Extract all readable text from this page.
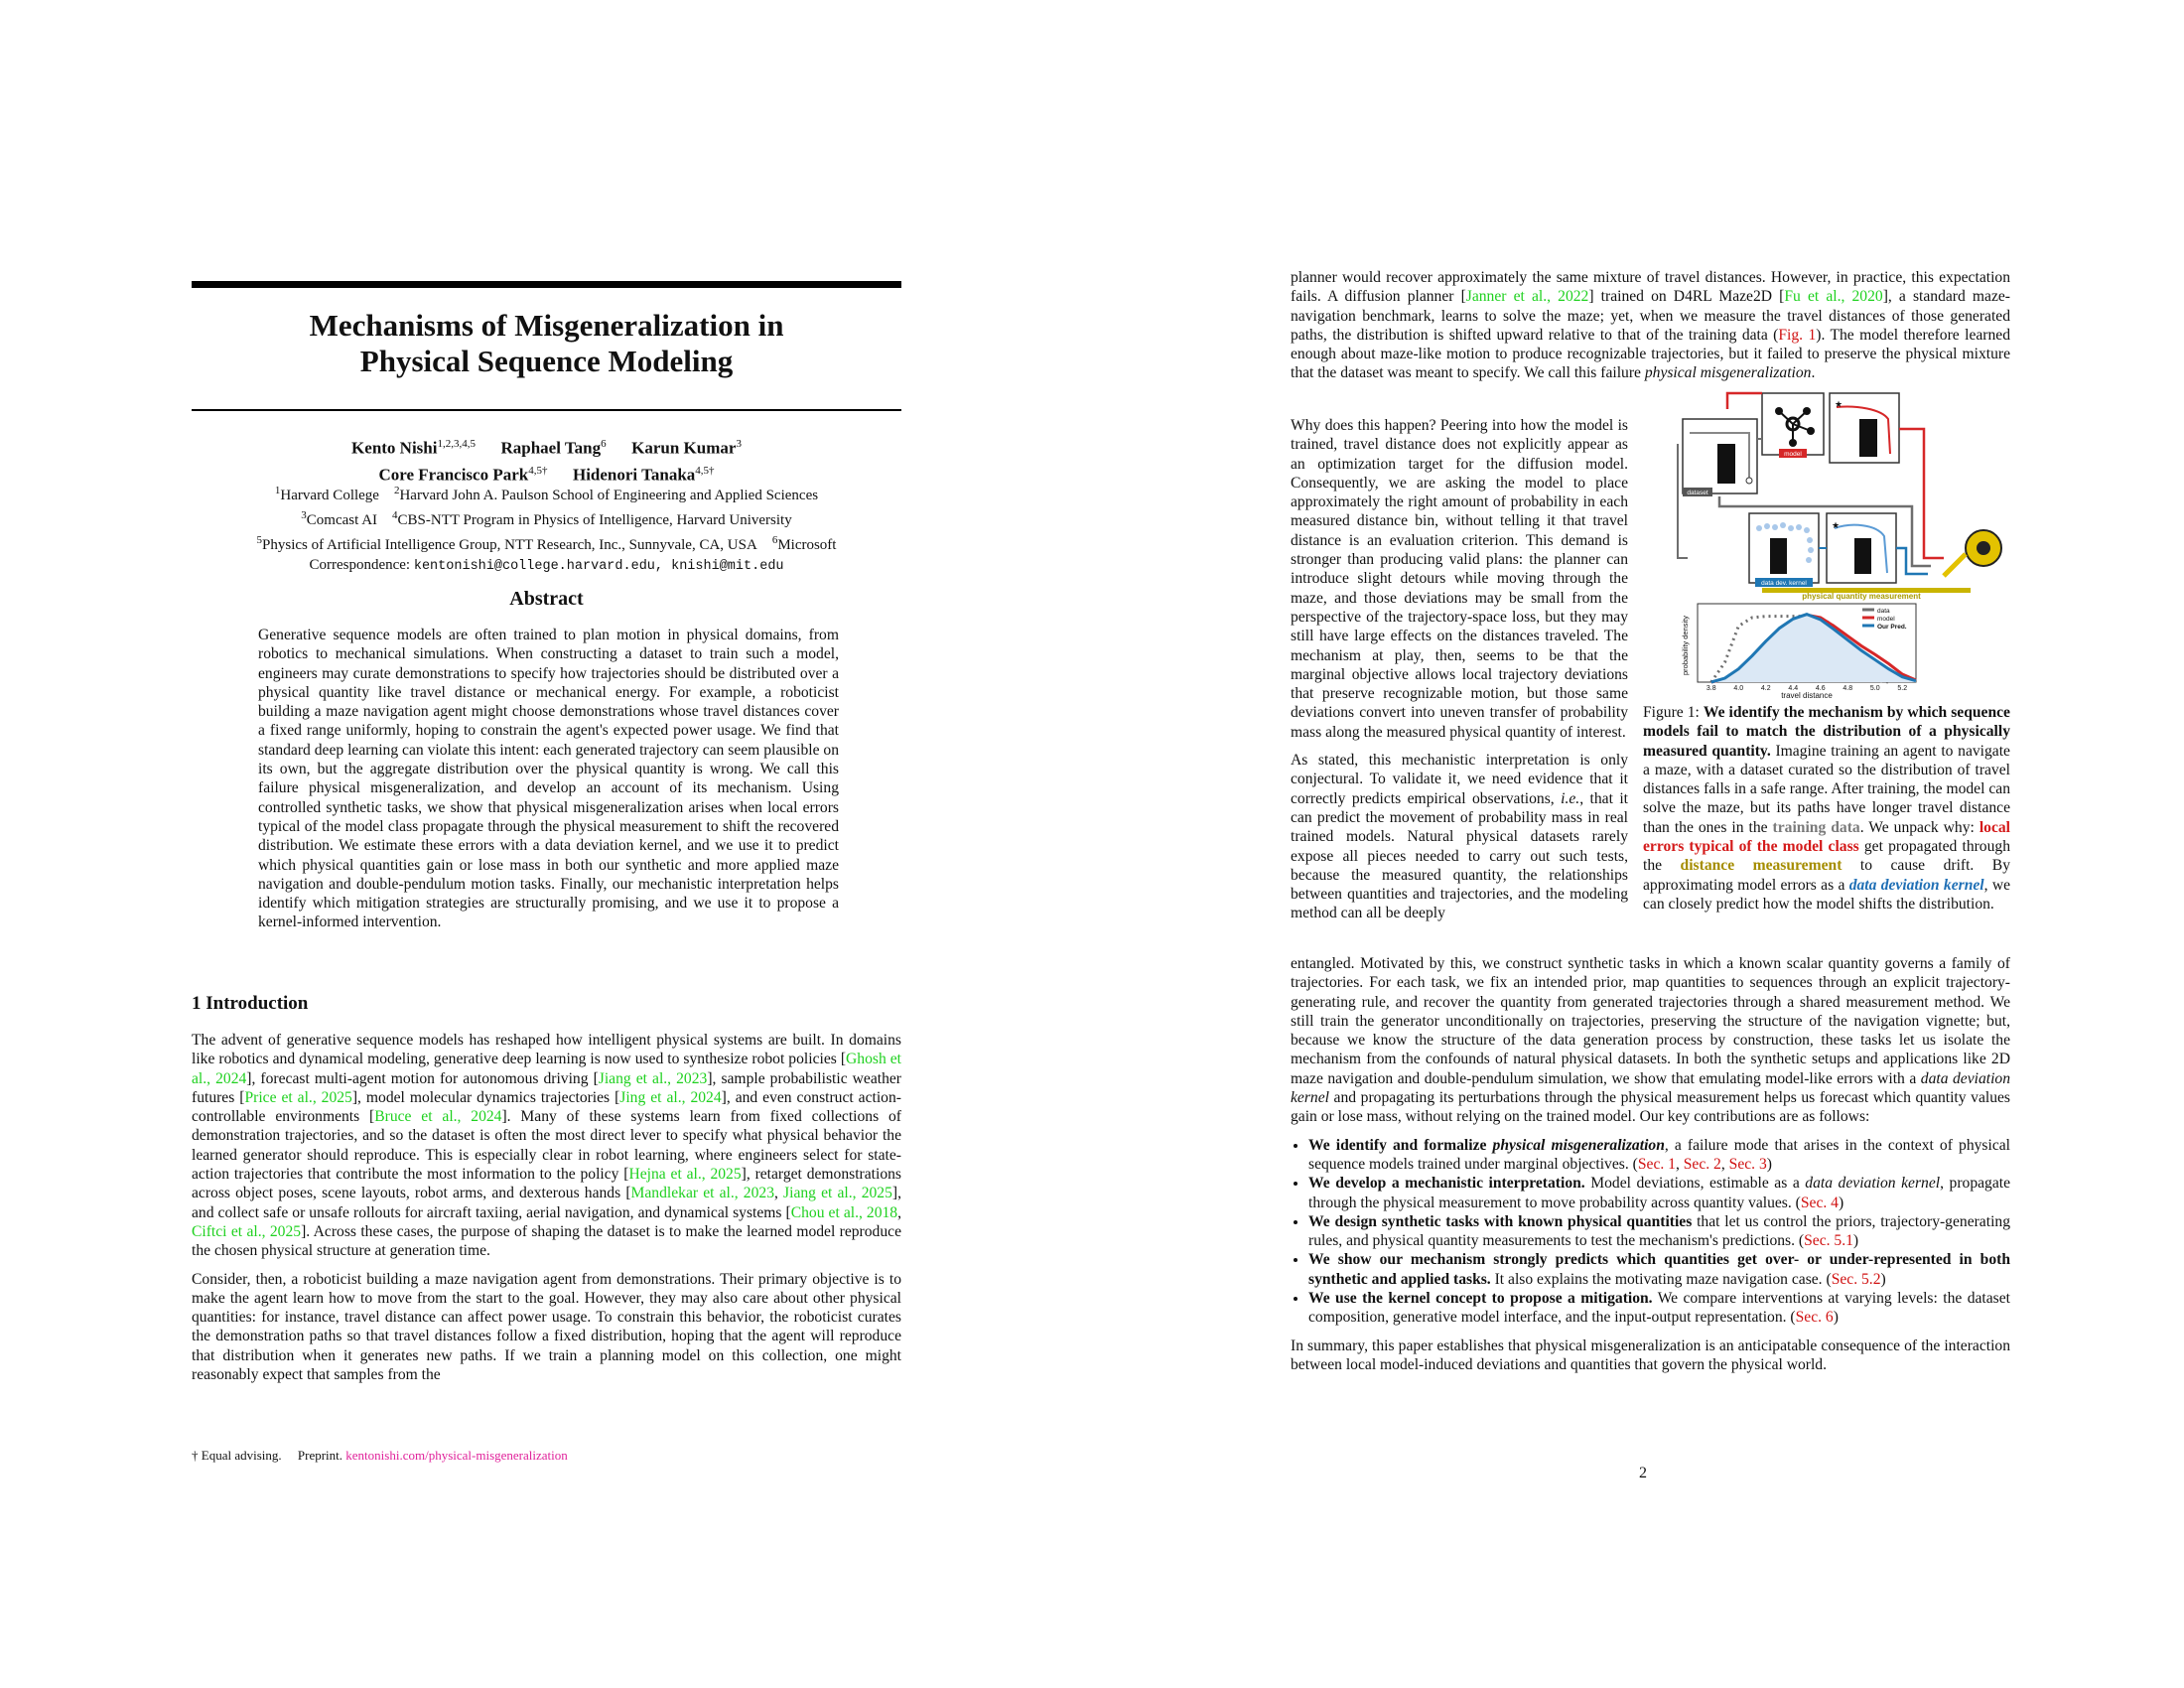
Mechanisms of Misgeneralization in
Physical Sequence Modeling
Kento Nishi$^{1,2,3,4,5}$ Raphael Tang$^6$ Karun Kumar$^3$
Core Francisco Park$^{4,5\dagger}$ Hidenori Tanaka$^{4,5\dagger}$
$^1$Harvard College $^2$Harvard John A. Paulson School of Engineering and Applied Sciences
$^3$Comcast AI $^4$CBS-NTT Program in Physics of Intelligence, Harvard University
$^5$Physics of Artificial Intelligence Group, NTT Research, Inc., Sunnyvale, CA, USA $^6$Microsoft
Correspondence: kentonishi@college.harvard.edu, knishi@mit.edu
Abstract
Generative sequence models are often trained to plan motion in physical domains, from robotics to mechanical simulations. When constructing a dataset to train such a model, engineers may curate demonstrations to specify how trajectories should be distributed over a physical quantity like travel distance or mechanical energy. For example, a roboticist building a maze navigation agent might choose demonstrations whose travel distances cover a fixed range uniformly, hoping to constrain the agent's expected power usage. We find that standard deep learning can violate this intent: each generated trajectory can seem plausible on its own, but the aggregate distribution over the physical quantity is wrong. We call this failure physical misgeneralization, and develop an account of its mechanism. Using controlled synthetic tasks, we show that physical misgeneralization arises when local errors typical of the model class propagate through the physical measurement to shift the recovered distribution. We estimate these errors with a data deviation kernel, and we use it to predict which physical quantities gain or lose mass in both our synthetic and more applied maze navigation and double-pendulum motion tasks. Finally, our mechanistic interpretation helps identify which mitigation strategies are structurally promising, and we use it to propose a kernel-informed intervention.
1 Introduction

The advent of generative sequence models has reshaped how intelligent physical systems are built. In domains like robotics and dynamical modeling, generative deep learning is now used to synthesize robot policies [Ghosh et al., 2024], forecast multi-agent motion for autonomous driving [Jiang et al., 2023], sample probabilistic weather futures [Price et al., 2025], model molecular dynamics trajectories [Jing et al., 2024], and even construct action-controllable environments [Bruce et al., 2024]. Many of these systems learn from fixed collections of demonstration trajectories, and so the dataset is often the most direct lever to specify what physical behavior the learned generator should reproduce. This is especially clear in robot learning, where engineers select for state-action trajectories that contribute the most information to the policy [Hejna et al., 2025], retarget demonstrations across object poses, scene layouts, robot arms, and dexterous hands [Mandlekar et al., 2023, Jiang et al., 2025], and collect safe or unsafe rollouts for aircraft taxiing, aerial navigation, and dynamical systems [Chou et al., 2018, Ciftci et al., 2025]. Across these cases, the purpose of shaping the dataset is to make the learned model reproduce the chosen physical structure at generation time.

Consider, then, a roboticist building a maze navigation agent from demonstrations. Their primary objective is to make the agent learn how to move from the start to the goal. However, they may also care about other physical quantities: for instance, travel distance can affect power usage. To constrain this behavior, the roboticist curates the demonstration paths so that travel distances follow a fixed distribution, hoping that the agent will reproduce that distribution when it generates new paths. If we train a planning model on this collection, one might reasonably expect that samples from the

† Equal advising. Preprint. kentonishi.com/physical-misgeneralization

planner would recover approximately the same mixture of travel distances. However, in practice, this expectation fails. A diffusion planner [Janner et al., 2022] trained on D4RL Maze2D [Fu et al., 2020], a standard maze-navigation benchmark, learns to solve the maze; yet, when we measure the travel distances of those generated paths, the distribution is shifted upward relative to that of the training data (Fig. 1). The model therefore learned enough about maze-like motion to produce recognizable trajectories, but it failed to preserve the physical mixture that the dataset was meant to specify. We call this failure physical misgeneralization.

Why does this happen? Peering into how the model is trained, travel distance does not explicitly appear as an optimization target for the diffusion model. Consequently, we are asking the model to place approximately the right amount of probability in each measured distance bin, without telling it that travel distance is an evaluation criterion. This demand is stronger than producing valid plans: the planner can introduce slight detours while moving through the maze, and those deviations may be small from the perspective of the trajectory-space loss, but they may still have large effects on the distances traveled. The mechanism at play, then, seems to be that the marginal objective allows local trajectory deviations that preserve recognizable motion, but those same deviations convert into uneven transfer of probability mass along the measured physical quantity of interest.

As stated, this mechanistic interpretation is only conjectural. To validate it, we need evidence that it correctly predicts empirical observations, i.e., that it can predict the movement of probability mass in real trained models. Natural physical datasets rarely expose all pieces needed to carry out such tests, because the measured quantity, the relationships between quantities and trajectories, and the modeling method can all be deeply

dataset
model
★
data dev. kernel
★
physical quantity measurement
3.8	4.0	4.2	4.4	4.6	4.8	5.0	5.2
travel distance
probability density
data
model
Our Pred.
Figure 1: We identify the mechanism by which sequence models fail to match the distribution of a physically measured quantity. Imagine training an agent to navigate a maze, with a dataset curated so the distribution of travel distances falls in a safe range. After training, the model can solve the maze, but its paths have longer travel distance than the ones in the training data. We unpack why: local errors typical of the model class get propagated through the distance measurement to cause drift. By approximating model errors as a data deviation kernel, we can closely predict how the model shifts the distribution.

entangled. Motivated by this, we construct synthetic tasks in which a known scalar quantity governs a family of trajectories. For each task, we fix an intended prior, map quantities to sequences through an explicit trajectory-generating rule, and recover the quantity from generated trajectories through a shared measurement method. We still train the generator unconditionally on trajectories, preserving the structure of the navigation vignette; but, because we know the structure of the data generation process by construction, these tasks let us isolate the mechanism from the confounds of natural physical datasets. In both the synthetic setups and applications like 2D maze navigation and double-pendulum simulation, we show that emulating model-like errors with a data deviation kernel and propagating its perturbations through the physical measurement helps us forecast which quantity values gain or lose mass, without relying on the trained model. Our key contributions are as follows:

• We identify and formalize physical misgeneralization, a failure mode that arises in the context of physical sequence models trained under marginal objectives. (Sec. 1, Sec. 2, Sec. 3)
• We develop a mechanistic interpretation. Model deviations, estimable as a data deviation kernel, propagate through the physical measurement to move probability across quantity values. (Sec. 4)
• We design synthetic tasks with known physical quantities that let us control the priors, trajectory-generating rules, and physical quantity measurements to test the mechanism's predictions. (Sec. 5.1)
• We show our mechanism strongly predicts which quantities get over- or under-represented in both synthetic and applied tasks. It also explains the motivating maze navigation case. (Sec. 5.2)
• We use the kernel concept to propose a mitigation. We compare interventions at varying levels: the dataset composition, generative model interface, and the input-output representation. (Sec. 6)

In summary, this paper establishes that physical misgeneralization is an anticipatable consequence of the interaction between local model-induced deviations and quantities that govern the physical world.

2
